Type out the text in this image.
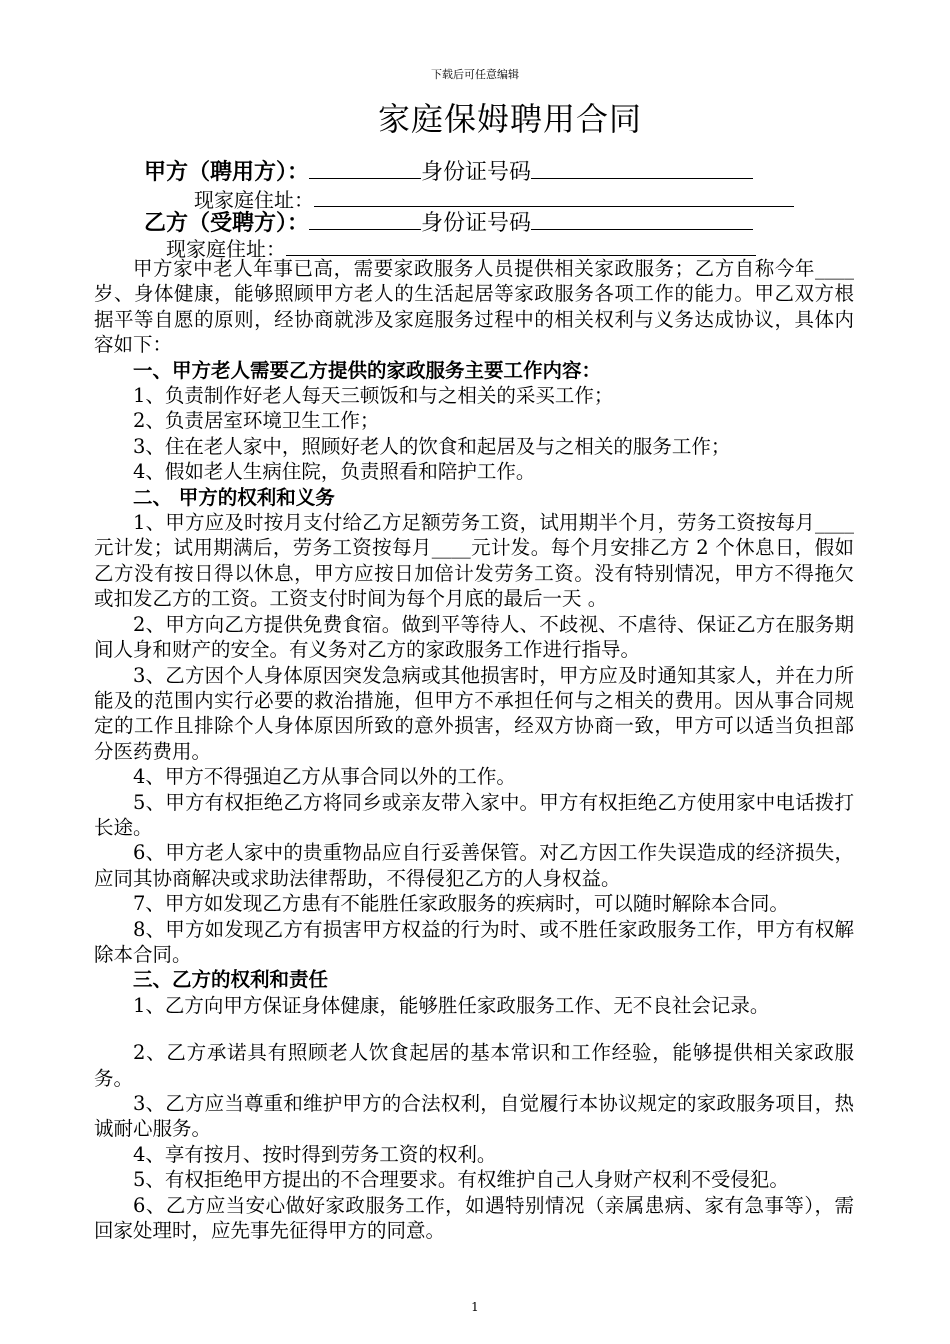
下载后可任意编辑
家庭保姆聘用合同
甲方（聘用方）：	身份证号码
现家庭住址：
乙方（受聘方）：	身份证号码
现家庭住址：

甲方家中老人年事已高，需要家政服务人员提供相关家政服务；乙方自称今年____岁、身体健康，能够照顾甲方老人的生活起居等家政服务各项工作的能力。甲乙双方根据平等自愿的原则，经协商就涉及家庭服务过程中的相关权利与义务达成协议，具体内容如下：

一、甲方老人需要乙方提供的家政服务主要工作内容：

1、负责制作好老人每天三顿饭和与之相关的采买工作；

2、负责居室环境卫生工作；

3、住在老人家中，照顾好老人的饮食和起居及与之相关的服务工作；

4、假如老人生病住院，负责照看和陪护工作。

二、 甲方的权利和义务

1、甲方应及时按月支付给乙方足额劳务工资，试用期半个月，劳务工资按每月____元计发；试用期满后，劳务工资按每月____元计发。每个月安排乙方 2 个休息日，假如乙方没有按日得以休息，甲方应按日加倍计发劳务工资。没有特别情况，甲方不得拖欠或扣发乙方的工资。工资支付时间为每个月底的最后一天 。

2、甲方向乙方提供免费食宿。做到平等待人、不歧视、不虐待、保证乙方在服务期间人身和财产的安全。有义务对乙方的家政服务工作进行指导。

3、乙方因个人身体原因突发急病或其他损害时，甲方应及时通知其家人，并在力所能及的范围内实行必要的救治措施，但甲方不承担任何与之相关的费用。因从事合同规定的工作且排除个人身体原因所致的意外损害，经双方协商一致，甲方可以适当负担部分医药费用。

4、甲方不得强迫乙方从事合同以外的工作。

5、甲方有权拒绝乙方将同乡或亲友带入家中。甲方有权拒绝乙方使用家中电话拨打长途。

6、甲方老人家中的贵重物品应自行妥善保管。对乙方因工作失误造成的经济损失，应同其协商解决或求助法律帮助，不得侵犯乙方的人身权益。

7、甲方如发现乙方患有不能胜任家政服务的疾病时，可以随时解除本合同。

8、甲方如发现乙方有损害甲方权益的行为时、或不胜任家政服务工作，甲方有权解除本合同。

三、乙方的权利和责任

1、乙方向甲方保证身体健康，能够胜任家政服务工作、无不良社会记录。

2、乙方承诺具有照顾老人饮食起居的基本常识和工作经验，能够提供相关家政服务。

3、乙方应当尊重和维护甲方的合法权利，自觉履行本协议规定的家政服务项目，热诚耐心服务。

4、享有按月、按时得到劳务工资的权利。

5、有权拒绝甲方提出的不合理要求。有权维护自己人身财产权利不受侵犯。

6、乙方应当安心做好家政服务工作，如遇特别情况（亲属患病、家有急事等），需回家处理时，应先事先征得甲方的同意。

1
